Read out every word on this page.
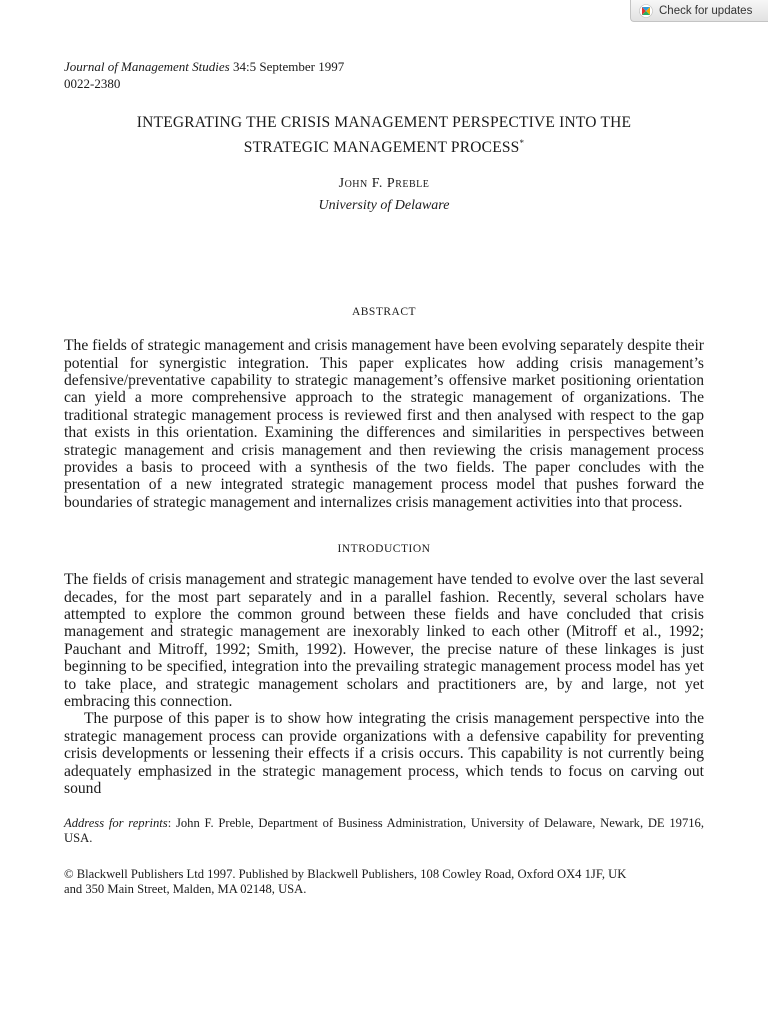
Check for updates
Journal of Management Studies 34:5 September 1997
0022-2380
INTEGRATING THE CRISIS MANAGEMENT PERSPECTIVE INTO THE
STRATEGIC MANAGEMENT PROCESS*
John F. Preble
University of Delaware
ABSTRACT

The fields of strategic management and crisis management have been evolving separately despite their potential for synergistic integration. This paper explicates how adding crisis management’s defensive/preventative capability to strategic management’s offensive market positioning orientation can yield a more comprehensive approach to the strategic management of organizations. The traditional strategic management process is reviewed first and then analysed with respect to the gap that exists in this orientation. Examining the differences and similarities in perspectives between strategic management and crisis management and then reviewing the crisis management process provides a basis to proceed with a synthesis of the two fields. The paper concludes with the presentation of a new integrated strategic management process model that pushes forward the boundaries of strategic management and internalizes crisis management activities into that process.

INTRODUCTION

The fields of crisis management and strategic management have tended to evolve over the last several decades, for the most part separately and in a parallel fashion. Recently, several scholars have attempted to explore the common ground between these fields and have concluded that crisis management and strategic management are inexorably linked to each other (Mitroff et al., 1992; Pauchant and Mitroff, 1992; Smith, 1992). However, the precise nature of these linkages is just beginning to be specified, integration into the prevailing strategic management process model has yet to take place, and strategic management scholars and practitioners are, by and large, not yet embracing this connection.

The purpose of this paper is to show how integrating the crisis management perspective into the strategic management process can provide organizations with a defensive capability for preventing crisis developments or lessening their effects if a crisis occurs. This capability is not currently being adequately emphasized in the strategic management process, which tends to focus on carving out sound

Address for reprints: John F. Preble, Department of Business Administration, University of Delaware, Newark, DE 19716, USA.
© Blackwell Publishers Ltd 1997. Published by Blackwell Publishers, 108 Cowley Road, Oxford OX4 1JF, UK
and 350 Main Street, Malden, MA 02148, USA.
